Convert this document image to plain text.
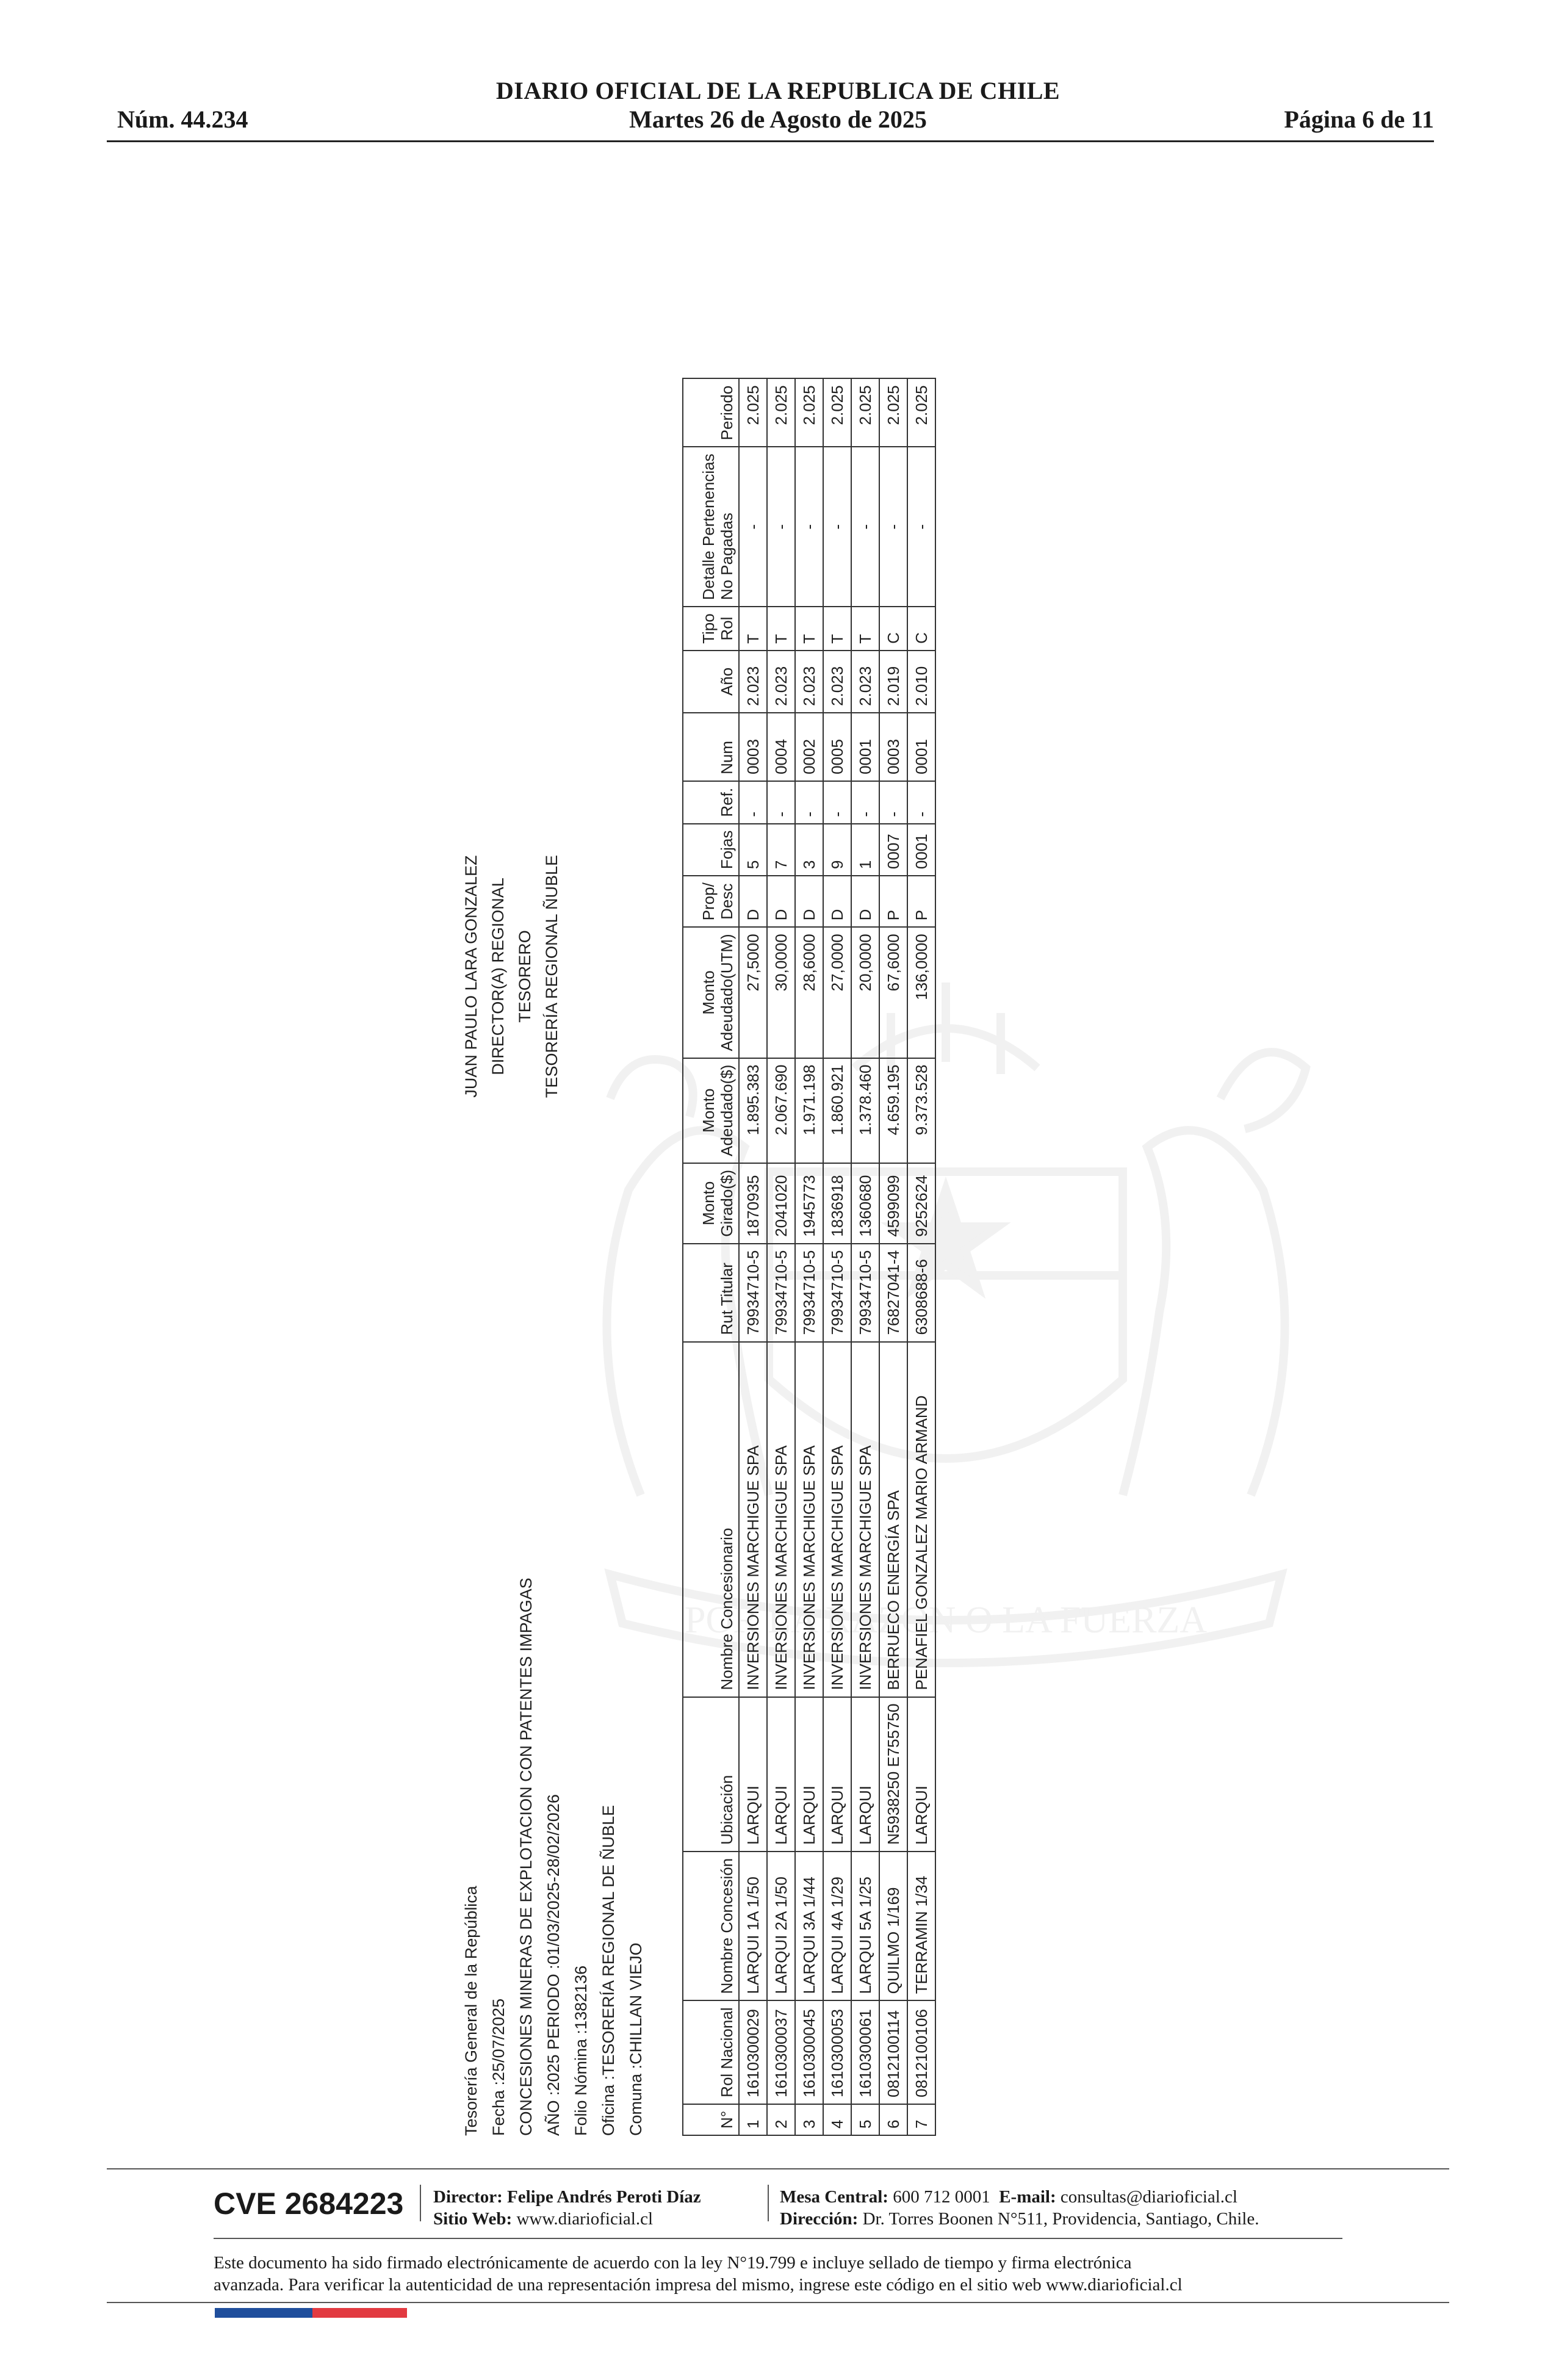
DIARIO OFICIAL DE LA REPUBLICA DE CHILE
Núm. 44.234	Martes 26 de Agosto de 2025	Página 6 de 11
POR LA RAZON O LA FUERZA
Tesorería General de la República Fecha :25/07/2025 CONCESIONES MINERAS DE EXPLOTACION CON PATENTES IMPAGAS AÑO :2025 PERIODO :01/03/2025-28/02/2026 Folio Nómina :1382136 Oficina :TESORERÍA REGIONAL DE ÑUBLE Comuna :CHILLAN VIEJO	N°	Rol Nacional	Nombre Concesión	Ubicación	Nombre Concesionario	Rut Titular	Monto
Girado($)	Monto
Adeudado($)	Monto
Adeudado(UTM)	Prop/
Desc	Fojas	Ref.	Num	Año	Tipo
Rol	Detalle Pertenencias
No Pagadas	Periodo
1	1610300029	LARQUI 1A 1/50	LARQUI	INVERSIONES MARCHIGUE SPA	79934710-5	1870935	1.895.383	27,5000	D	5	-	0003	2.023	T	-	2.025
2	1610300037	LARQUI 2A 1/50	LARQUI	INVERSIONES MARCHIGUE SPA	79934710-5	2041020	2.067.690	30,0000	D	7	-	0004	2.023	T	-	2.025
3	1610300045	LARQUI 3A 1/44	LARQUI	INVERSIONES MARCHIGUE SPA	79934710-5	1945773	1.971.198	28,6000	D	3	-	0002	2.023	T	-	2.025
4	1610300053	LARQUI 4A 1/29	LARQUI	INVERSIONES MARCHIGUE SPA	79934710-5	1836918	1.860.921	27,0000	D	9	-	0005	2.023	T	-	2.025
5	1610300061	LARQUI 5A 1/25	LARQUI	INVERSIONES MARCHIGUE SPA	79934710-5	1360680	1.378.460	20,0000	D	1	-	0001	2.023	T	-	2.025
6	0812100114	QUILMO 1/169	N5938250 E755750	BERRUECO ENERGÍA SPA	76827041-4	4599099	4.659.195	67,6000	P	0007	-	0003	2.019	C	-	2.025
7	0812100106	TERRAMIN 1/34	LARQUI	PENAFIEL GONZALEZ MARIO ARMAND	6308688-6	9252624	9.373.528	136,0000	P	0001	-	0001	2.010	C	-	2.025
JUAN PAULO LARA GONZALEZ DIRECTOR(A) REGIONAL TESORERO TESORERÍA REGIONAL ÑUBLE
CVE 2684223 Director: Felipe Andrés Peroti Díaz
Sitio Web: www.diarioficial.cl
Mesa Central: 600 712 0001 E-mail: consultas@diarioficial.cl
Dirección: Dr. Torres Boonen N°511, Providencia, Santiago, Chile.
Este documento ha sido firmado electrónicamente de acuerdo con la ley N°19.799 e incluye sellado de tiempo y firma electrónica
avanzada. Para verificar la autenticidad de una representación impresa del mismo, ingrese este código en el sitio web www.diarioficial.cl
